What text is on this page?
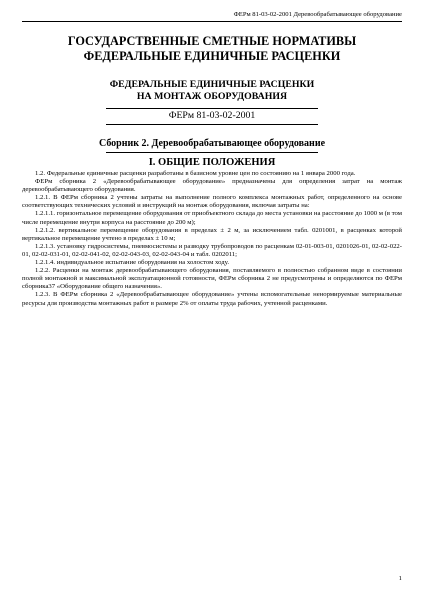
ФЕРм 81-03-02-2001 Деревообрабатывающее оборудование
ГОСУДАРСТВЕННЫЕ СМЕТНЫЕ НОРМАТИВЫ
ФЕДЕРАЛЬНЫЕ ЕДИНИЧНЫЕ РАСЦЕНКИ
ФЕДЕРАЛЬНЫЕ ЕДИНИЧНЫЕ РАСЦЕНКИ
НА МОНТАЖ ОБОРУДОВАНИЯ
ФЕРм 81-03-02-2001
Сборник 2. Деревообрабатывающее оборудование
I. ОБЩИЕ ПОЛОЖЕНИЯ

1.2. Федеральные единичные расценки разработаны в базисном уровне цен по состоянию на 1 январа 2000 года.

ФЕРм сборника 2 «Деревообрабатывающее оборудование» предназначены для определения затрат на монтаж деревообрабатывающего оборудования.

1.2.1. В ФЕРм сборника 2 учтены затраты на выполнение полного комплекса монтажных работ, определенного на основе соответствующих технических условий и инструкций на монтаж оборудования, включая затраты на:

1.2.1.1. горизонтальное перемещение оборудования от приобъектного склада до места установки на расстояние до 1000 м (в том числе перемещение внутри корпуса на расстояние до 200 м);

1.2.1.2. вертикальное перемещение оборудования в пределах ± 2 м, за исключением табл. 0201001, в расценках которой вертикальное перемещение учтено в пределах ± 10 м;

1.2.1.3. установку гидросистемы, пневмосистемы и разводку трубопроводов по расценкам 02-01-003-01, 0201026-01, 02-02-022-01, 02-02-031-01, 02-02-041-02, 02-02-043-03, 02-02-043-04 и табл. 0202011;

1.2.1.4. индивидуальное испытание оборудования на холостом ходу.

1.2.2. Расценки на монтаж деревообрабатывающего оборудования, поставляемого в полностью собранном виде в состоянии полной монтажной и максимальной эксплуатационной готовности, ФЕРм сборника 2 не предусмотрены и определяются по ФЕРм сборника37 «Оборудование общего назначения».

1.2.3. В ФЕРм сборника 2 «Деревообрабатывающее оборудование» учтены вспомогательные ненормируемые материальные ресурсы для производства монтажных работ в размере 2% от оплаты труда рабочих, учтенной расценками.

1
